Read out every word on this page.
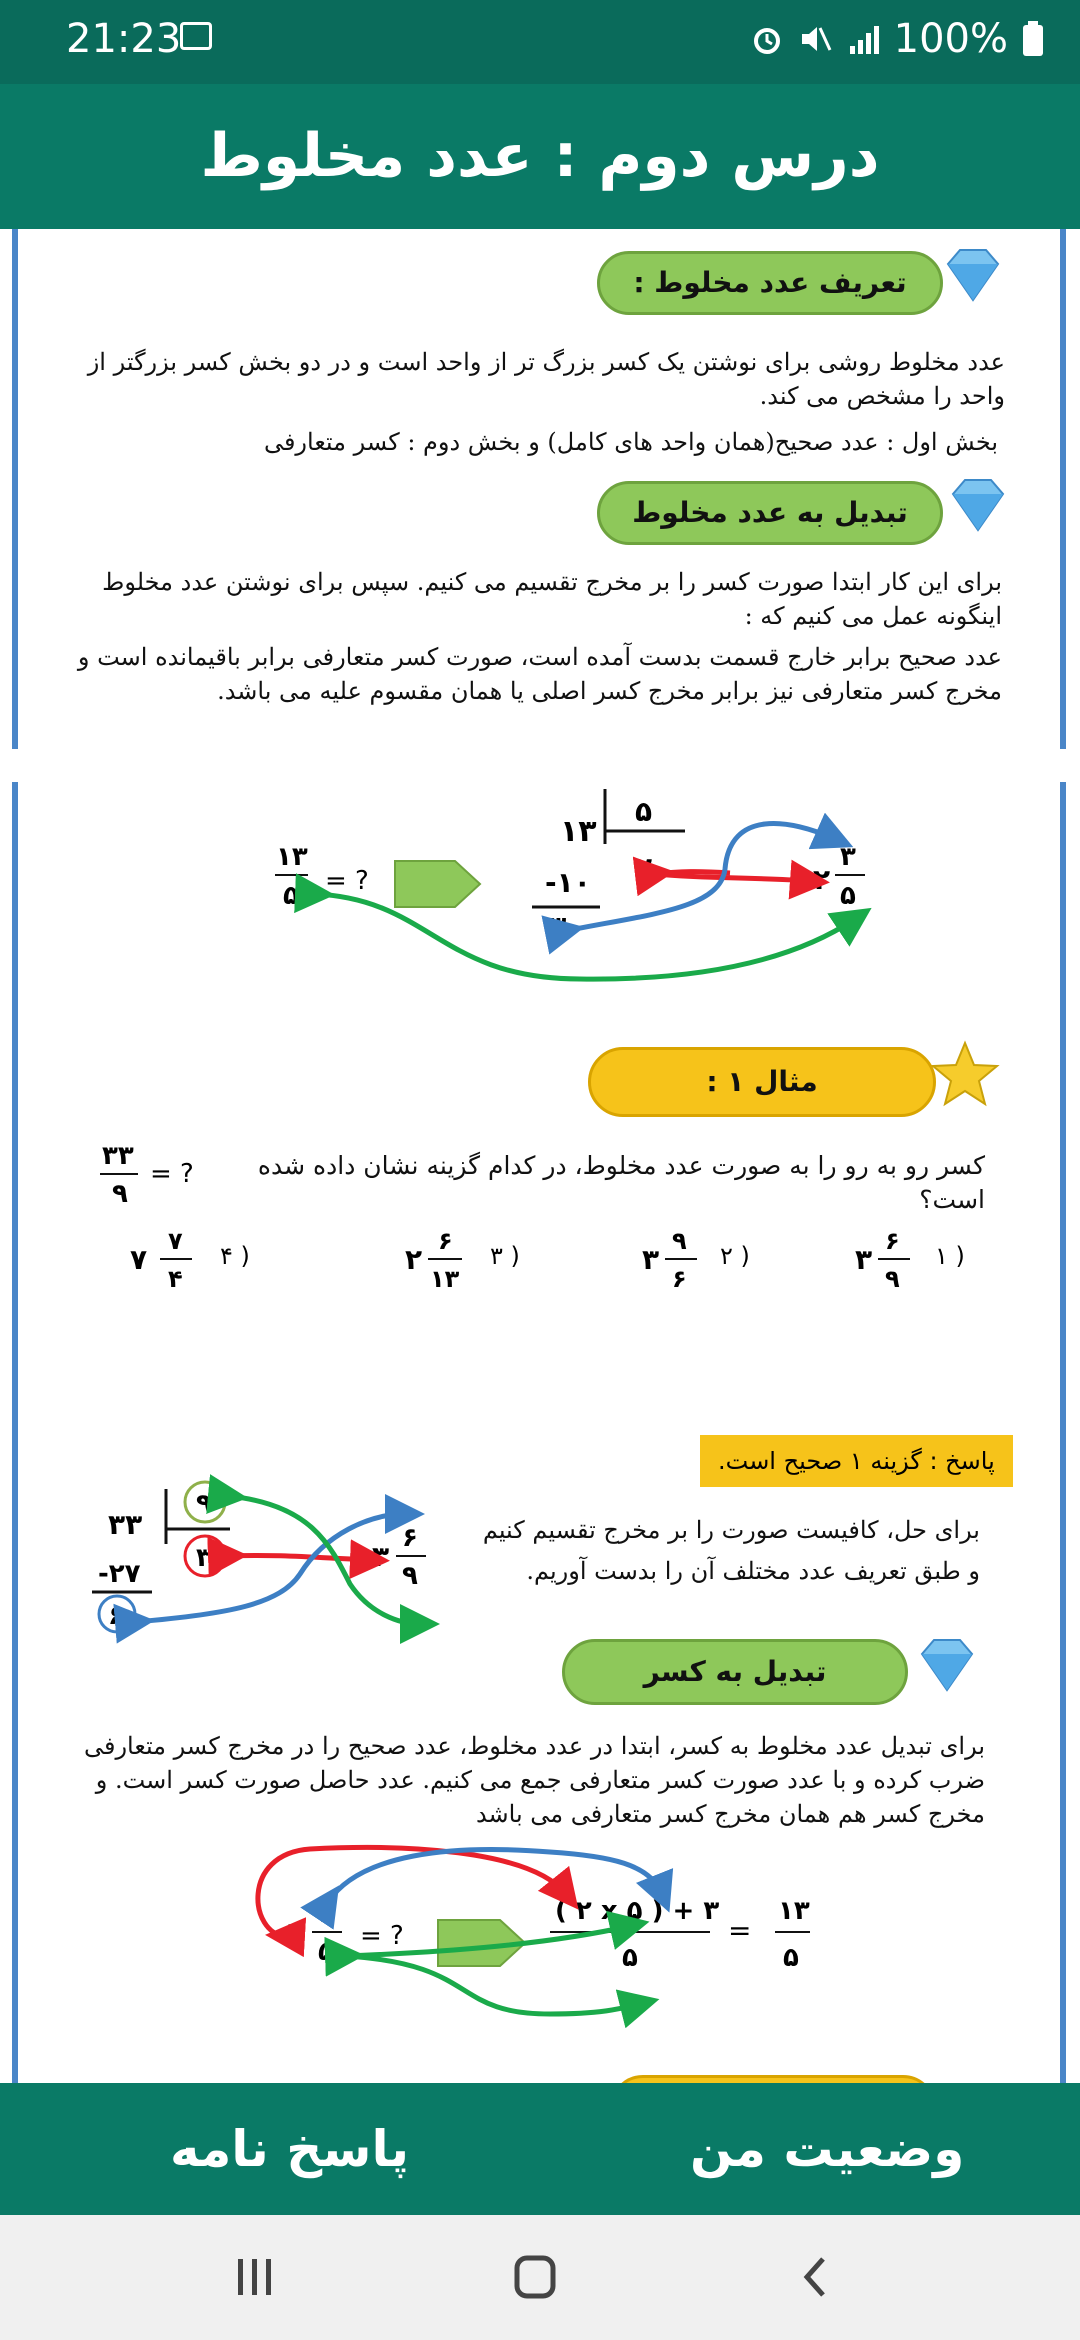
21:23	100%
درس دوم : عدد مخلوط
تعریف عدد مخلوط :
عدد مخلوط روشی برای نوشتن یک کسر بزرگ تر از واحد است و در دو بخش کسر بزرگتر از واحد را مشخص می کند.
بخش اول : عدد صحیح(همان واحد های کامل) و بخش دوم : کسر متعارفی
تبدیل به عدد مخلوط
برای این کار ابتدا صورت کسر را بر مخرج تقسیم می کنیم. سپس برای نوشتن عدد مخلوط اینگونه عمل می کنیم که :
عدد صحیح برابر خارج قسمت بدست آمده است، صورت کسر متعارفی برابر باقیمانده است و مخرج کسر متعارفی نیز برابر مخرج کسر اصلی یا همان مقسوم علیه می باشد.
۱۳
۵
۲
-۱۰
۳
۲
۳
۵
۱۳
۵ = ?
مثال ۱ :
کسر رو به رو را به صورت عدد مخلوط، در کدام گزینه نشان داده شده است؟
۳۳
۹
= ?
۱ )
۳
۶
۹
۲ )
۳
۹
۶
۳ )
۲
۶
۱۳
۴ )
۷
۷
۴
پاسخ : گزینه ۱ صحیح است.
برای حل، کافیست صورت را بر مخرج تقسیم کنیم
و طبق تعریف عدد مختلف آن را بدست آوریم.
۳۳
۹
۳
-۲۷
۶
۳
۶
۹
تبدیل به کسر
برای تبدیل عدد مخلوط به کسر، ابتدا در عدد مخلوط، عدد صحیح را در مخرج کسر متعارفی ضرب کرده و با عدد صورت کسر متعارفی جمع می کنیم. عدد حاصل صورت کسر است. و مخرج کسر هم همان مخرج کسر متعارفی می باشد
۲
۳
۵
= ?
( ۲ x ۵ ) + ۳
۵
=
۱۳
۵
پاسخ نامه	وضعیت من
